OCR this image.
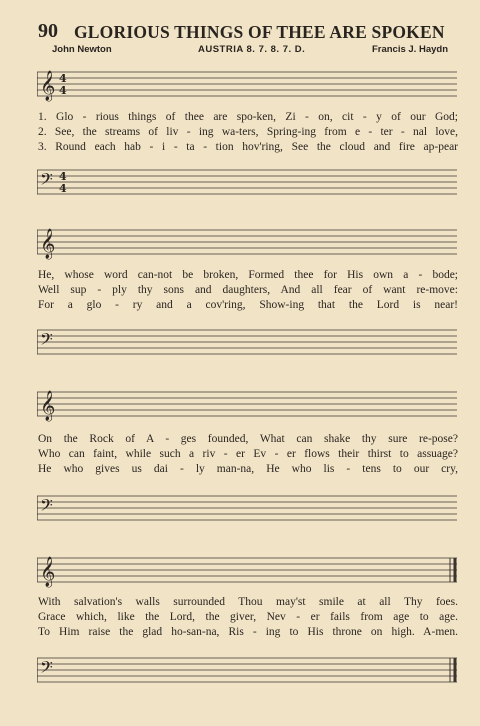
90 GLORIOUS THINGS OF THEE ARE SPOKEN
John Newton	AUSTRIA 8. 7. 8. 7. D.	Francis J. Haydn
𝄞 4
4
1. Glo - rious things of thee are spo-ken, Zi - on, cit - y of our God;
2. See, the streams of liv - ing wa-ters, Spring-ing from e - ter - nal love,
3. Round each hab - i - ta - tion hov'ring, See the cloud and fire ap-pear
𝄢 4
4
𝄞
He, whose word can-not be broken, Formed thee for His own a - bode;
Well sup - ply thy sons and daughters, And all fear of want re-move:
For a glo - ry and a cov'ring, Show-ing that the Lord is near!
𝄢
𝄞
On the Rock of A - ges founded, What can shake thy sure re-pose?
Who can faint, while such a riv - er Ev - er flows their thirst to assuage?
He who gives us dai - ly man-na, He who lis - tens to our cry,
𝄢
𝄞
With salvation's walls surrounded Thou may'st smile at all Thy foes.
Grace which, like the Lord, the giver, Nev - er fails from age to age.
To Him raise the glad ho-san-na, Ris - ing to His throne on high. A-men.
𝄢
